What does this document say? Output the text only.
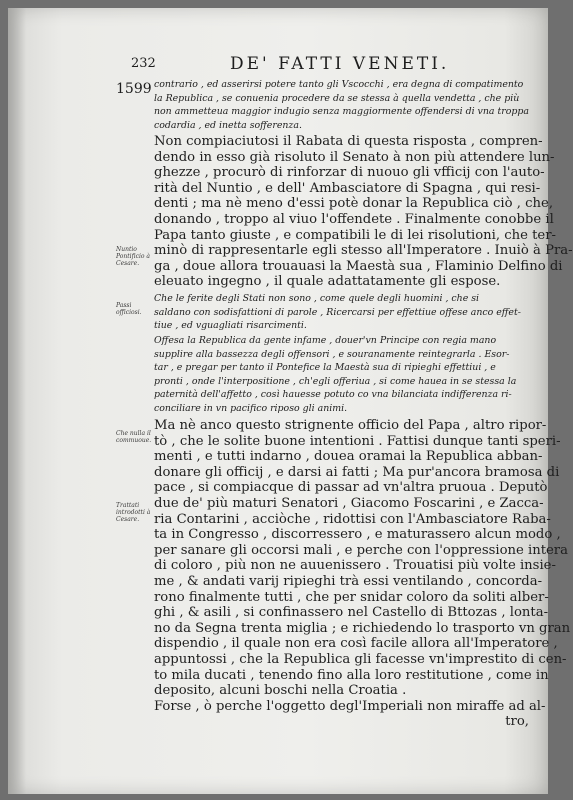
232	DE' FATTI VENETI.
1599
Nuntio Pontificio à Cesare.
Passi officiosi.
Che nulla il commuoue.
Trattati introdotti à Cesare.
contrario , ed asserirsi potere tanto gli Vscocchi , era degna di compatimento
la Republica , se conuenia procedere da se stessa à quella vendetta , che più
non ammetteua maggior indugio senza maggiormente offendersi di vna troppa
codardia , ed inetta sofferenza.
Non compiaciutosi il Rabata di questa risposta , compren-
dendo in esso già risoluto il Senato à non più attendere lun-
ghezze , procurò di rinforzar di nuouo gli vfficij con l'auto-
rità del Nuntio , e dell' Ambasciatore di Spagna , qui resi-
denti ; ma nè meno d'essi potè donar la Republica ciò , che,
donando , troppo al viuo l'offendete . Finalmente conobbe il
Papa tanto giuste , e compatibili le di lei risolutioni, che ter-
minò di rappresentarle egli stesso all'Imperatore . Inuiò à Pra-
ga , doue allora trouauasi la Maestà sua , Flaminio Delfino di
eleuato ingegno , il quale adattatamente gli espose.
Che le ferite degli Stati non sono , come quele degli huomini , che si
saldano con sodisfattioni di parole , Ricercarsi per effettiue offese anco effet-
tiue , ed vguagliati risarcimenti.
Offesa la Republica da gente infame , douer'vn Principe con regia mano
supplire alla bassezza degli offensori , e souranamente reintegrarla . Esor-
tar , e pregar per tanto il Pontefice la Maestà sua di ripieghi effettiui , e
pronti , onde l'interpositione , ch'egli offeriua , si come hauea in se stessa la
paternità dell'affetto , così hauesse potuto co vna bilanciata indifferenza ri-
conciliare in vn pacifico riposo gli animi.
Ma nè anco questo strignente officio del Papa , altro ripor-
tò , che le solite buone intentioni . Fattisi dunque tanti speri-
menti , e tutti indarno , douea oramai la Republica abban-
donare gli officij , e darsi ai fatti ; Ma pur'ancora bramosa di
pace , si compiacque di passar ad vn'altra pruoua . Deputò
due de' più maturi Senatori , Giacomo Foscarini , e Zacca-
ria Contarini , acciòche , ridottisi con l'Ambasciatore Raba-
ta in Congresso , discorressero , e maturassero alcun modo ,
per sanare gli occorsi mali , e perche con l'oppressione intera
di coloro , più non ne auuenissero . Trouatisi più volte insie-
me , & andati varij ripieghi trà essi ventilando , concorda-
rono finalmente tutti , che per snidar coloro da soliti alber-
ghi , & asili , si confinassero nel Castello di Bttozas , lonta-
no da Segna trenta miglia ; e richiedendo lo trasporto vn gran
dispendio , il quale non era così facile allora all'Imperatore ,
appuntossi , che la Republica gli facesse vn'imprestito di cen-
to mila ducati , tenendo fino alla loro restitutione , come in
deposito, alcuni boschi nella Croatia .
Forse , ò perche l'oggetto degl'Imperiali non miraffe ad al-
tro,
